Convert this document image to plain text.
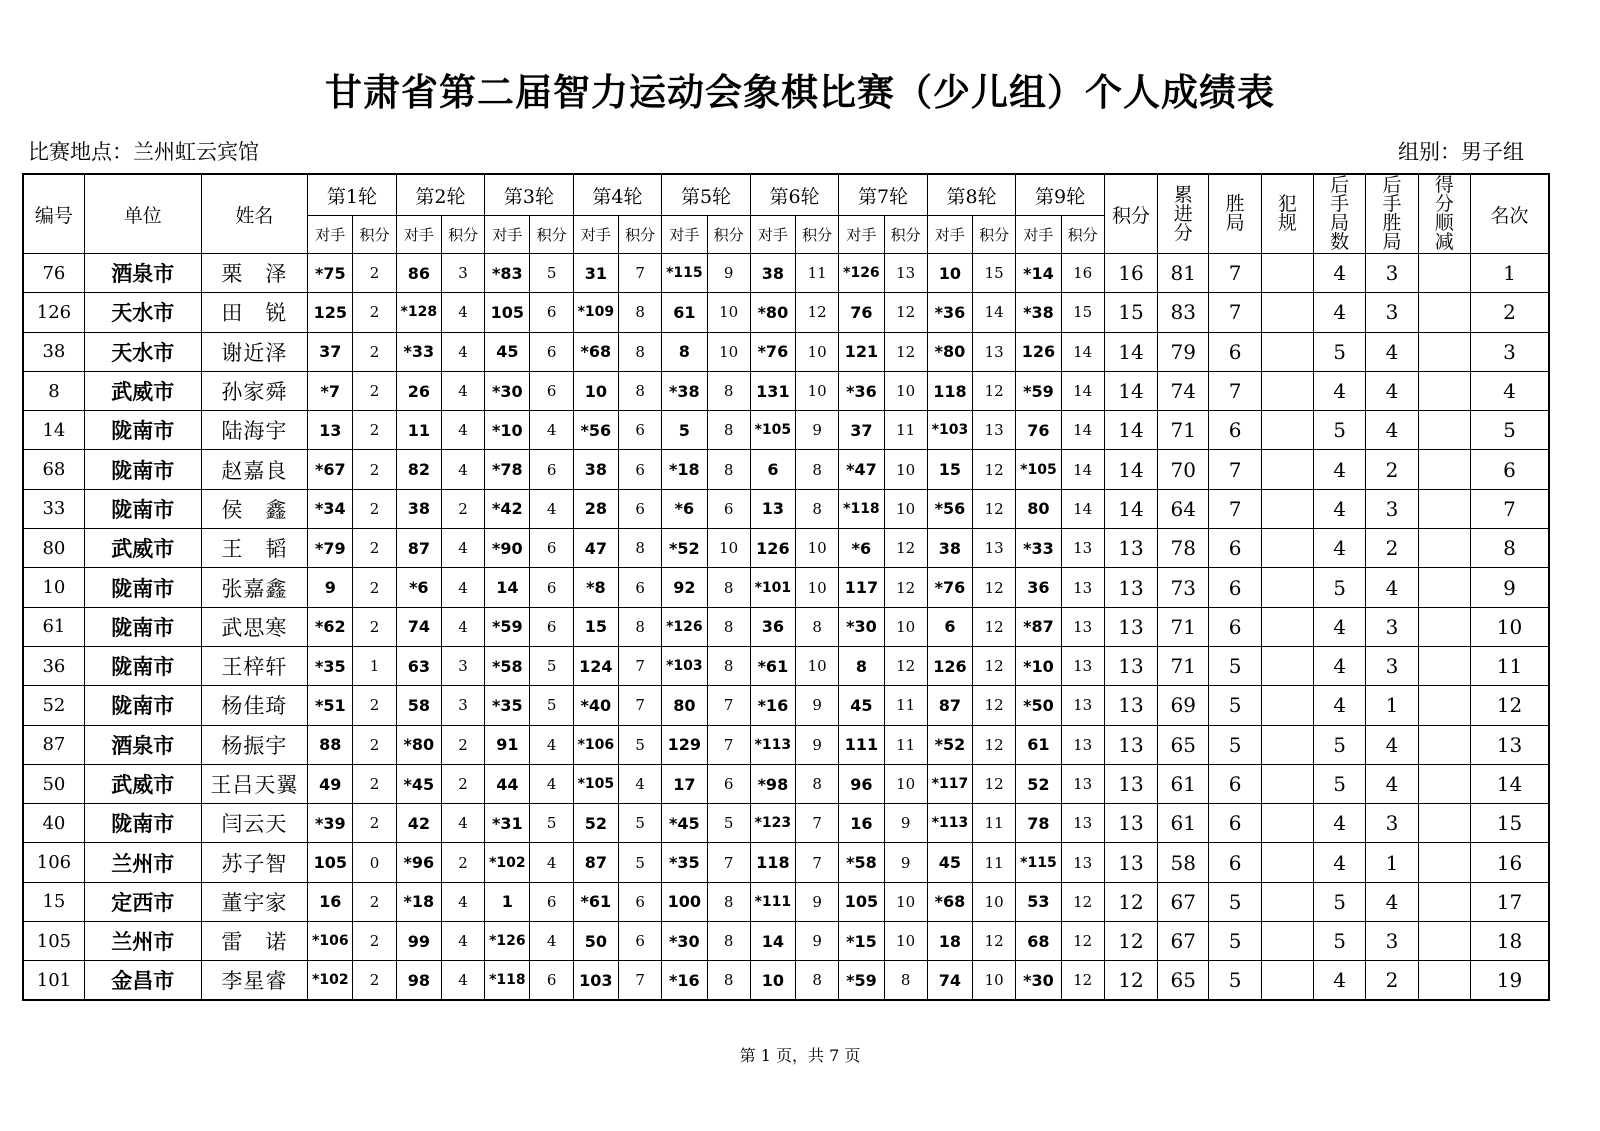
甘肃省第二届智力运动会象棋比赛（少儿组）个人成绩表
比赛地点：兰州虹云宾馆	组别：男子组
编号	单位	姓名	第1轮		第2轮		第3轮		第4轮		第5轮		第6轮		第7轮		第8轮		第9轮		积分	累
进
分	胜
局	犯
规	后
手
局
数	后
手
胜
局	得
分
顺
减	名次
			对手	积分	对手	积分	对手	积分	对手	积分	对手	积分	对手	积分	对手	积分	对手	积分	对手	积分								
76	酒泉市	栗　泽	*75	2	86	3	*83	5	31	7	*115	9	38	11	*126	13	10	15	*14	16	16	81	7		4	3		1
126	天水市	田　锐	125	2	*128	4	105	6	*109	8	61	10	*80	12	76	12	*36	14	*38	15	15	83	7		4	3		2
38	天水市	谢近泽	37	2	*33	4	45	6	*68	8	8	10	*76	10	121	12	*80	13	126	14	14	79	6		5	4		3
8	武威市	孙家舜	*7	2	26	4	*30	6	10	8	*38	8	131	10	*36	10	118	12	*59	14	14	74	7		4	4		4
14	陇南市	陆海宇	13	2	11	4	*10	4	*56	6	5	8	*105	9	37	11	*103	13	76	14	14	71	6		5	4		5
68	陇南市	赵嘉良	*67	2	82	4	*78	6	38	6	*18	8	6	8	*47	10	15	12	*105	14	14	70	7		4	2		6
33	陇南市	侯　鑫	*34	2	38	2	*42	4	28	6	*6	6	13	8	*118	10	*56	12	80	14	14	64	7		4	3		7
80	武威市	王　韬	*79	2	87	4	*90	6	47	8	*52	10	126	10	*6	12	38	13	*33	13	13	78	6		4	2		8
10	陇南市	张嘉鑫	9	2	*6	4	14	6	*8	6	92	8	*101	10	117	12	*76	12	36	13	13	73	6		5	4		9
61	陇南市	武思寒	*62	2	74	4	*59	6	15	8	*126	8	36	8	*30	10	6	12	*87	13	13	71	6		4	3		10
36	陇南市	王梓轩	*35	1	63	3	*58	5	124	7	*103	8	*61	10	8	12	126	12	*10	13	13	71	5		4	3		11
52	陇南市	杨佳琦	*51	2	58	3	*35	5	*40	7	80	7	*16	9	45	11	87	12	*50	13	13	69	5		4	1		12
87	酒泉市	杨振宇	88	2	*80	2	91	4	*106	5	129	7	*113	9	111	11	*52	12	61	13	13	65	5		5	4		13
50	武威市	王吕天翼	49	2	*45	2	44	4	*105	4	17	6	*98	8	96	10	*117	12	52	13	13	61	6		5	4		14
40	陇南市	闫云天	*39	2	42	4	*31	5	52	5	*45	5	*123	7	16	9	*113	11	78	13	13	61	6		4	3		15
106	兰州市	苏子智	105	0	*96	2	*102	4	87	5	*35	7	118	7	*58	9	45	11	*115	13	13	58	6		4	1		16
15	定西市	董宇家	16	2	*18	4	1	6	*61	6	100	8	*111	9	105	10	*68	10	53	12	12	67	5		5	4		17
105	兰州市	雷　诺	*106	2	99	4	*126	4	50	6	*30	8	14	9	*15	10	18	12	68	12	12	67	5		5	3		18
101	金昌市	李星睿	*102	2	98	4	*118	6	103	7	*16	8	10	8	*59	8	74	10	*30	12	12	65	5		4	2		19
第 1 页，共 7 页
